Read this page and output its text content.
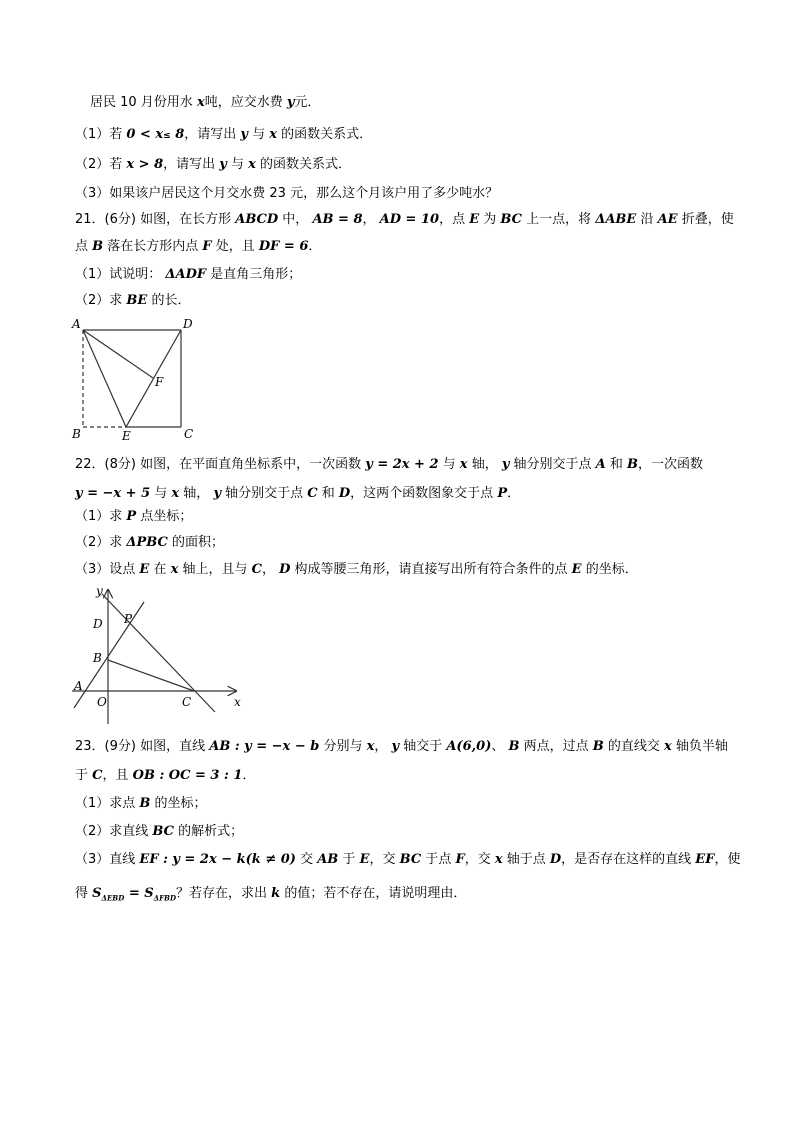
居民 10 月份用水 x吨，应交水费 y元．
（1）若 0 < x≤ 8，请写出 y 与 x 的函数关系式．
（2）若 x > 8，请写出 y 与 x 的函数关系式．
（3）如果该户居民这个月交水费 23 元，那么这个月该户用了多少吨水？
21．(6分) 如图，在长方形 ABCD 中， AB = 8， AD = 10，点 E 为 BC 上一点，将 ΔABE 沿 AE 折叠，使
点 B 落在长方形内点 F 处，且 DF = 6．
（1）试说明： ΔADF 是直角三角形；
（2）求 BE 的长．
A	D
F
B	E	C
22．(8分) 如图，在平面直角坐标系中，一次函数 y = 2x + 2 与 x 轴， y 轴分别交于点 A 和 B，一次函数
y = −x + 5 与 x 轴， y 轴分别交于点 C 和 D，这两个函数图象交于点 P．
（1）求 P 点坐标；
（2）求 ΔPBC 的面积；
（3）设点 E 在 x 轴上，且与 C， D 构成等腰三角形，请直接写出所有符合条件的点 E 的坐标．
y
x
D P
B
A
O	C
23．(9分) 如图，直线 AB : y = −x − b 分别与 x， y 轴交于 A(6,0)、 B 两点，过点 B 的直线交 x 轴负半轴
于 C，且 OB : OC = 3 : 1．
（1）求点 B 的坐标；
（2）求直线 BC 的解析式；
（3）直线 EF : y = 2x − k(k ≠ 0) 交 AB 于 E，交 BC 于点 F，交 x 轴于点 D，是否存在这样的直线 EF，使
得 $S_{\Delta EBD} = S_{\Delta FBD}$？若存在，求出 k 的值；若不存在，请说明理由．
